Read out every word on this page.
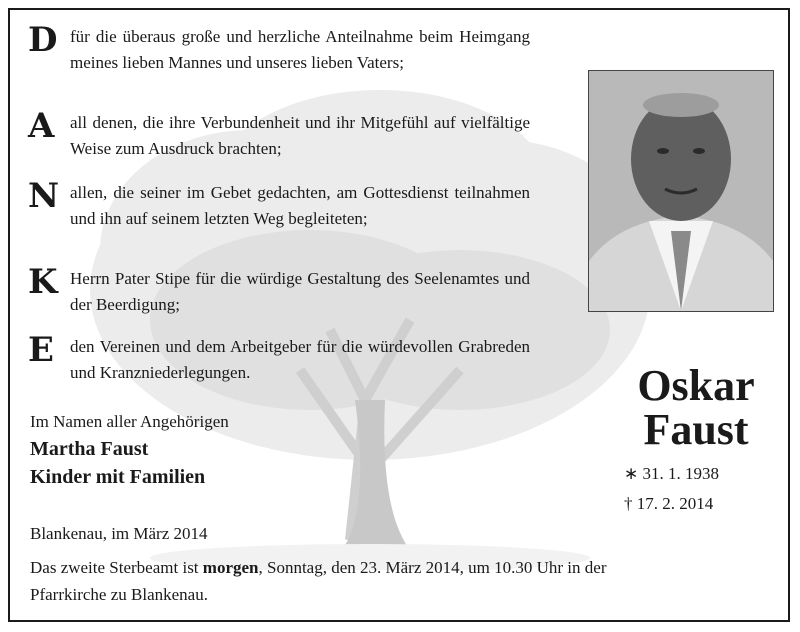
D für die überaus große und herzliche Anteilnahme beim Heimgang meines lieben Mannes und unseres lieben Vaters;
A all denen, die ihre Verbundenheit und ihr Mitgefühl auf vielfältige Weise zum Ausdruck brachten;
N allen, die seiner im Gebet gedachten, am Gottesdienst teilnahmen und ihn auf seinem letzten Weg begleiteten;
K Herrn Pater Stipe für die würdige Gestaltung des Seelenamtes und der Beerdigung;
E den Vereinen und dem Arbeitgeber für die würdevollen Grabreden und Kranzniederlegungen.	Oskar
Faust
∗ 31. 1. 1938
† 17. 2. 2014
Im Namen aller Angehörigen
Martha Faust
Kinder mit Familien
Blankenau, im März 2014
Das zweite Sterbeamt ist morgen, Sonntag, den 23. März 2014, um 10.30 Uhr in der
Pfarrkirche zu Blankenau.
